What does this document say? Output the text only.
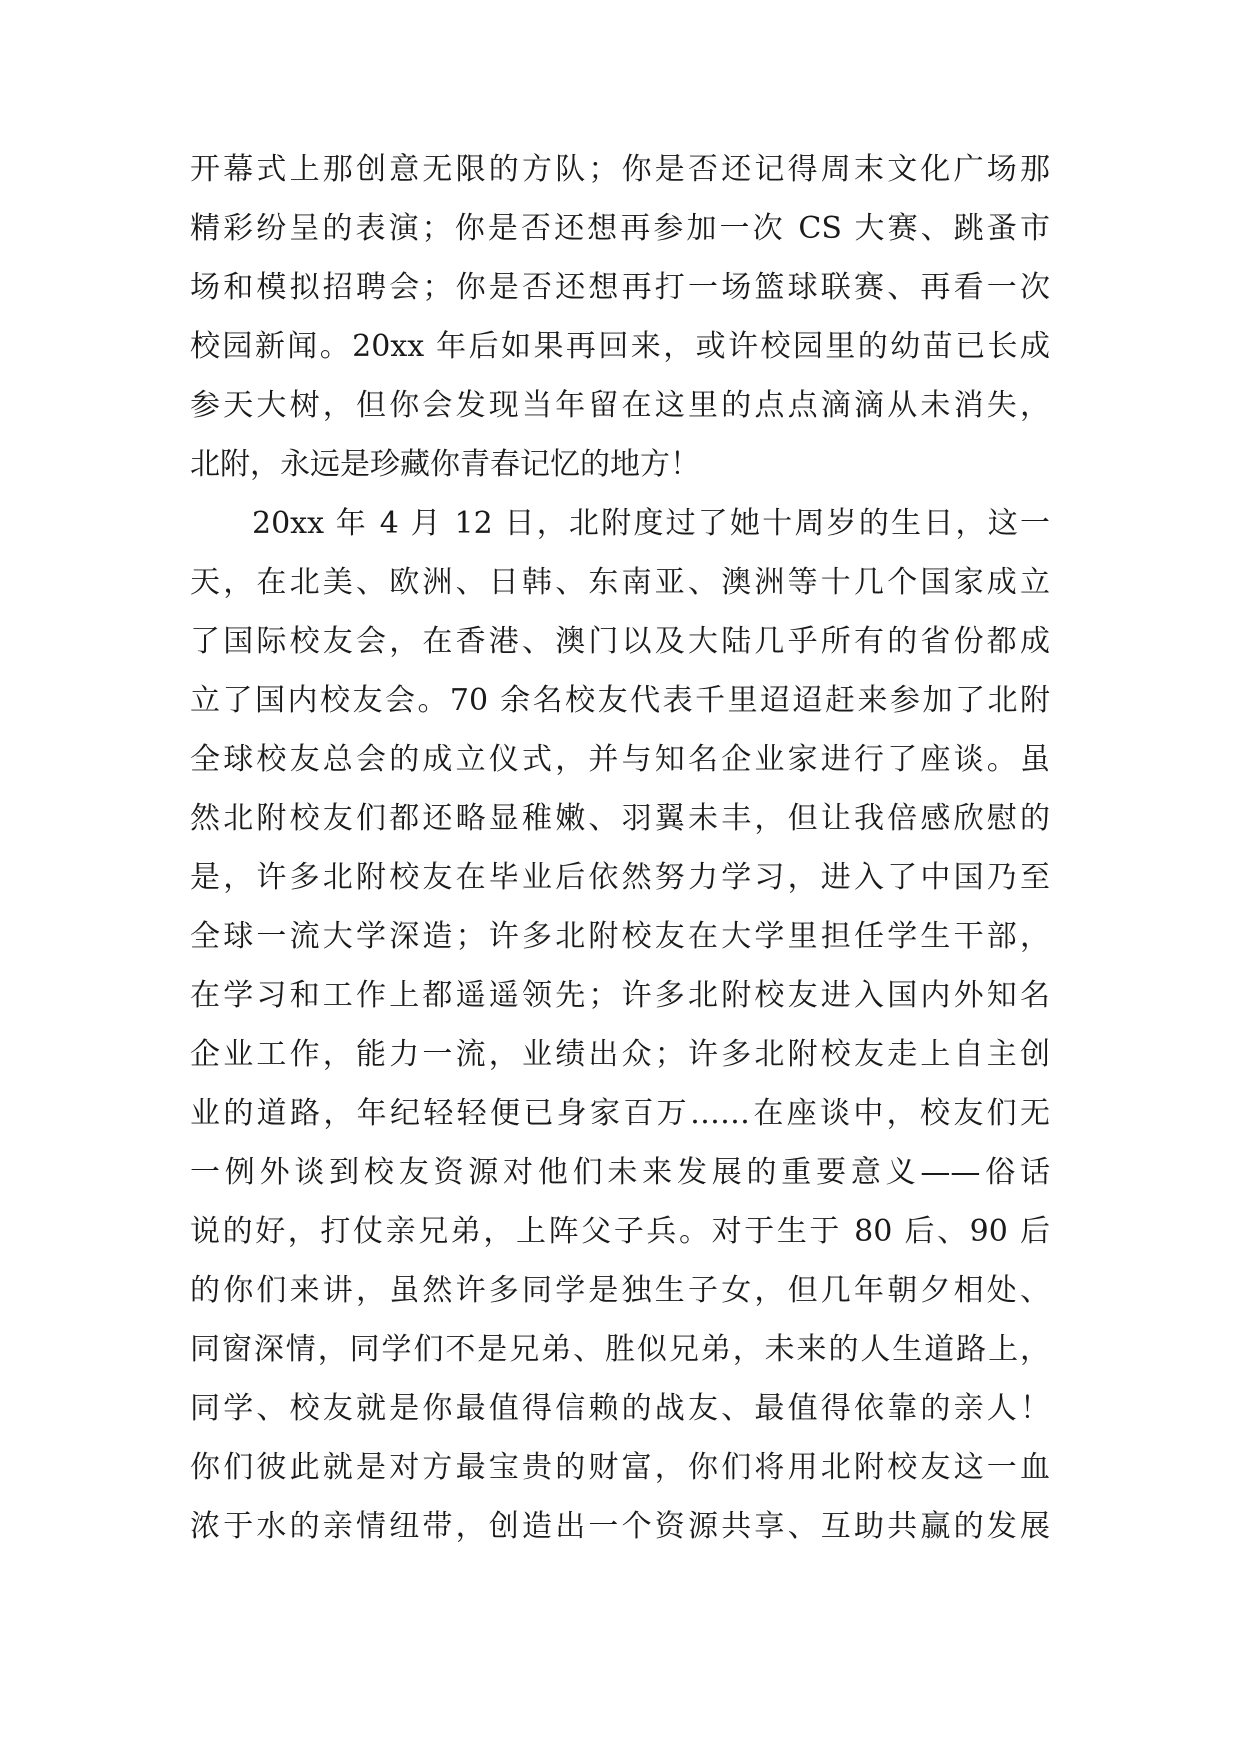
开幕式上那创意无限的方队；你是否还记得周末文化广场那
精彩纷呈的表演；你是否还想再参加一次 CS 大赛、跳蚤市
场和模拟招聘会；你是否还想再打一场篮球联赛、再看一次
校园新闻。20xx 年后如果再回来，或许校园里的幼苗已长成
参天大树，但你会发现当年留在这里的点点滴滴从未消失，
北附，永远是珍藏你青春记忆的地方！
20xx 年 4 月 12 日，北附度过了她十周岁的生日，这一
天，在北美、欧洲、日韩、东南亚、澳洲等十几个国家成立
了国际校友会，在香港、澳门以及大陆几乎所有的省份都成
立了国内校友会。70 余名校友代表千里迢迢赶来参加了北附
全球校友总会的成立仪式，并与知名企业家进行了座谈。虽
然北附校友们都还略显稚嫩、羽翼未丰，但让我倍感欣慰的
是，许多北附校友在毕业后依然努力学习，进入了中国乃至
全球一流大学深造；许多北附校友在大学里担任学生干部，
在学习和工作上都遥遥领先；许多北附校友进入国内外知名
企业工作，能力一流，业绩出众；许多北附校友走上自主创
业的道路，年纪轻轻便已身家百万……在座谈中，校友们无
一例外谈到校友资源对他们未来发展的重要意义——俗话
说的好，打仗亲兄弟，上阵父子兵。对于生于 80 后、90 后
的你们来讲，虽然许多同学是独生子女，但几年朝夕相处、
同窗深情，同学们不是兄弟、胜似兄弟，未来的人生道路上，
同学、校友就是你最值得信赖的战友、最值得依靠的亲人！
你们彼此就是对方最宝贵的财富，你们将用北附校友这一血
浓于水的亲情纽带，创造出一个资源共享、互助共赢的发展
